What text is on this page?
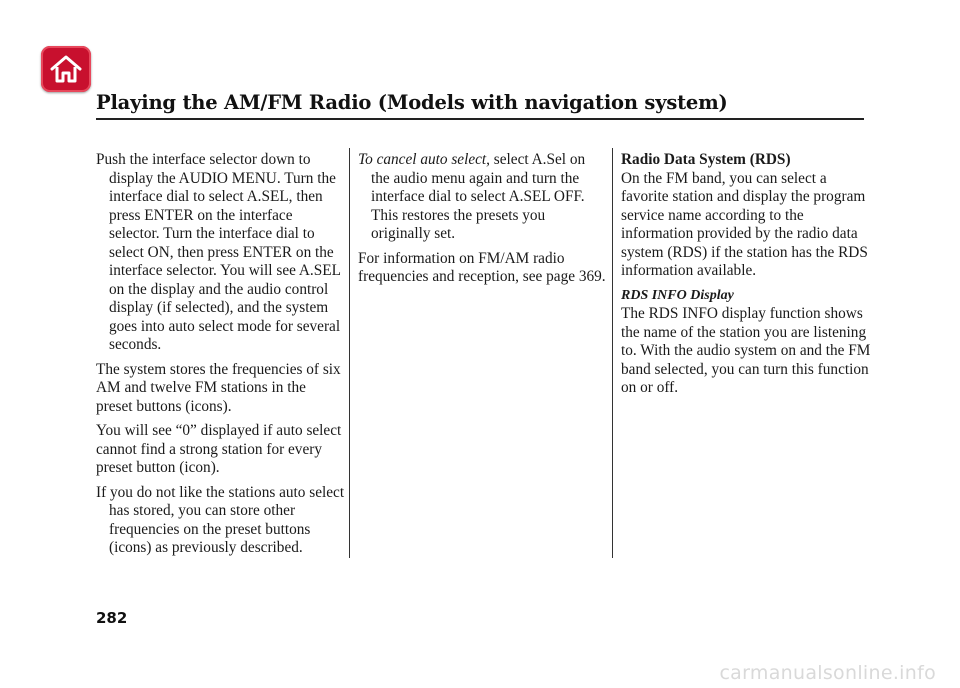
Playing the AM/FM Radio (Models with navigation system)

Push the interface selector down to display the AUDIO MENU. Turn the interface dial to select A.SEL, then press ENTER on the interface selector. Turn the interface dial to select ON, then press ENTER on the interface selector. You will see A.SEL on the display and the audio control display (if selected), and the system goes into auto select mode for several seconds.

The system stores the frequencies of six AM and twelve FM stations in the preset buttons (icons).

You will see “0” displayed if auto select cannot find a strong station for every preset button (icon).

If you do not like the stations auto select has stored, you can store other frequencies on the preset buttons (icons) as previously described.

To cancel auto select, select A.Sel on the audio menu again and turn the interface dial to select A.SEL OFF. This restores the presets you originally set.

For information on FM/AM radio frequencies and reception, see page 369.

Radio Data System (RDS)

On the FM band, you can select a favorite station and display the program service name according to the information provided by the radio data system (RDS) if the station has the RDS information available.

RDS INFO Display

The RDS INFO display function shows the name of the station you are listening to. With the audio system on and the FM band selected, you can turn this function on or off.

282
carmanualsonline.info
